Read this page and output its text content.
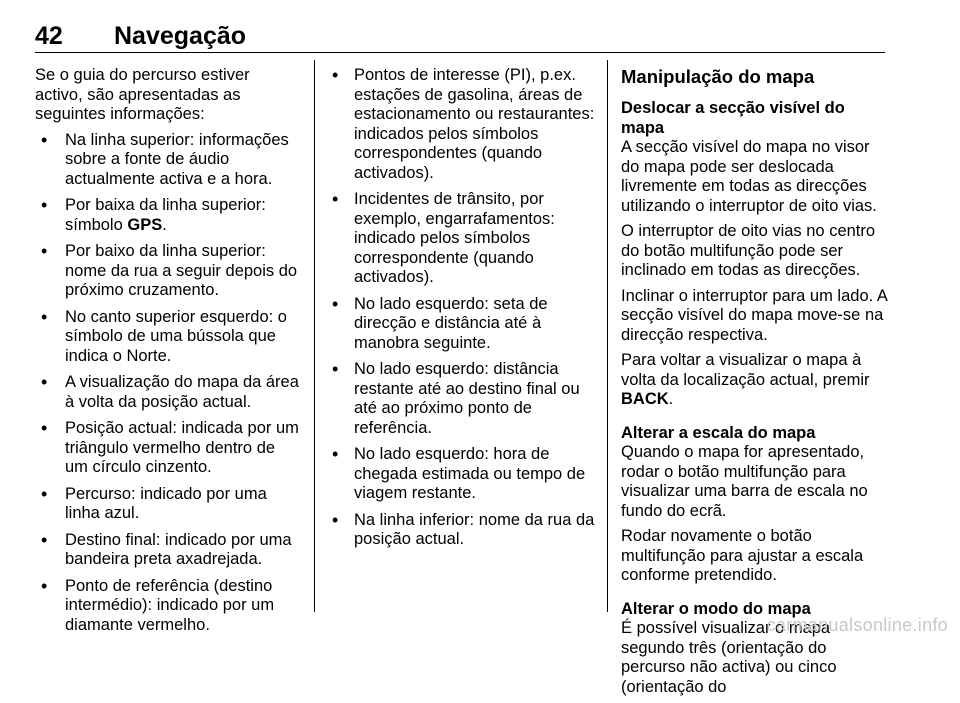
42 Navegação

Se o guia do percurso estiver activo, são apresentadas as seguintes informações:

• Na linha superior: informações sobre a fonte de áudio actualmente activa e a hora.
• Por baixa da linha superior: símbolo GPS.
• Por baixo da linha superior: nome da rua a seguir depois do próximo cruzamento.
• No canto superior esquerdo: o símbolo de uma bússola que indica o Norte.
• A visualização do mapa da área à volta da posição actual.
• Posição actual: indicada por um triângulo vermelho dentro de um círculo cinzento.
• Percurso: indicado por uma linha azul.
• Destino final: indicado por uma bandeira preta axadrejada.
• Ponto de referência (destino intermédio): indicado por um diamante vermelho.
• Pontos de interesse (PI), p.ex. estações de gasolina, áreas de estacionamento ou restaurantes: indicados pelos símbolos correspondentes (quando activados).
• Incidentes de trânsito, por exemplo, engarrafamentos: indicado pelos símbolos correspondente (quando activados).
• No lado esquerdo: seta de direcção e distância até à manobra seguinte.
• No lado esquerdo: distância restante até ao destino final ou até ao próximo ponto de referência.
• No lado esquerdo: hora de chegada estimada ou tempo de viagem restante.
• Na linha inferior: nome da rua da posição actual.
Manipulação do mapa
Deslocar a secção visível do mapa

A secção visível do mapa no visor do mapa pode ser deslocada livremente em todas as direcções utilizando o interruptor de oito vias.

O interruptor de oito vias no centro do botão multifunção pode ser inclinado em todas as direcções.

Inclinar o interruptor para um lado. A secção visível do mapa move-se na direcção respectiva.

Para voltar a visualizar o mapa à volta da localização actual, premir BACK.

Alterar a escala do mapa

Quando o mapa for apresentado, rodar o botão multifunção para visualizar uma barra de escala no fundo do ecrã.

Rodar novamente o botão multifunção para ajustar a escala conforme pretendido.

Alterar o modo do mapa

É possível visualizar o mapa segundo três (orientação do percurso não activa) ou cinco (orientação do

carmanualsonline.info
